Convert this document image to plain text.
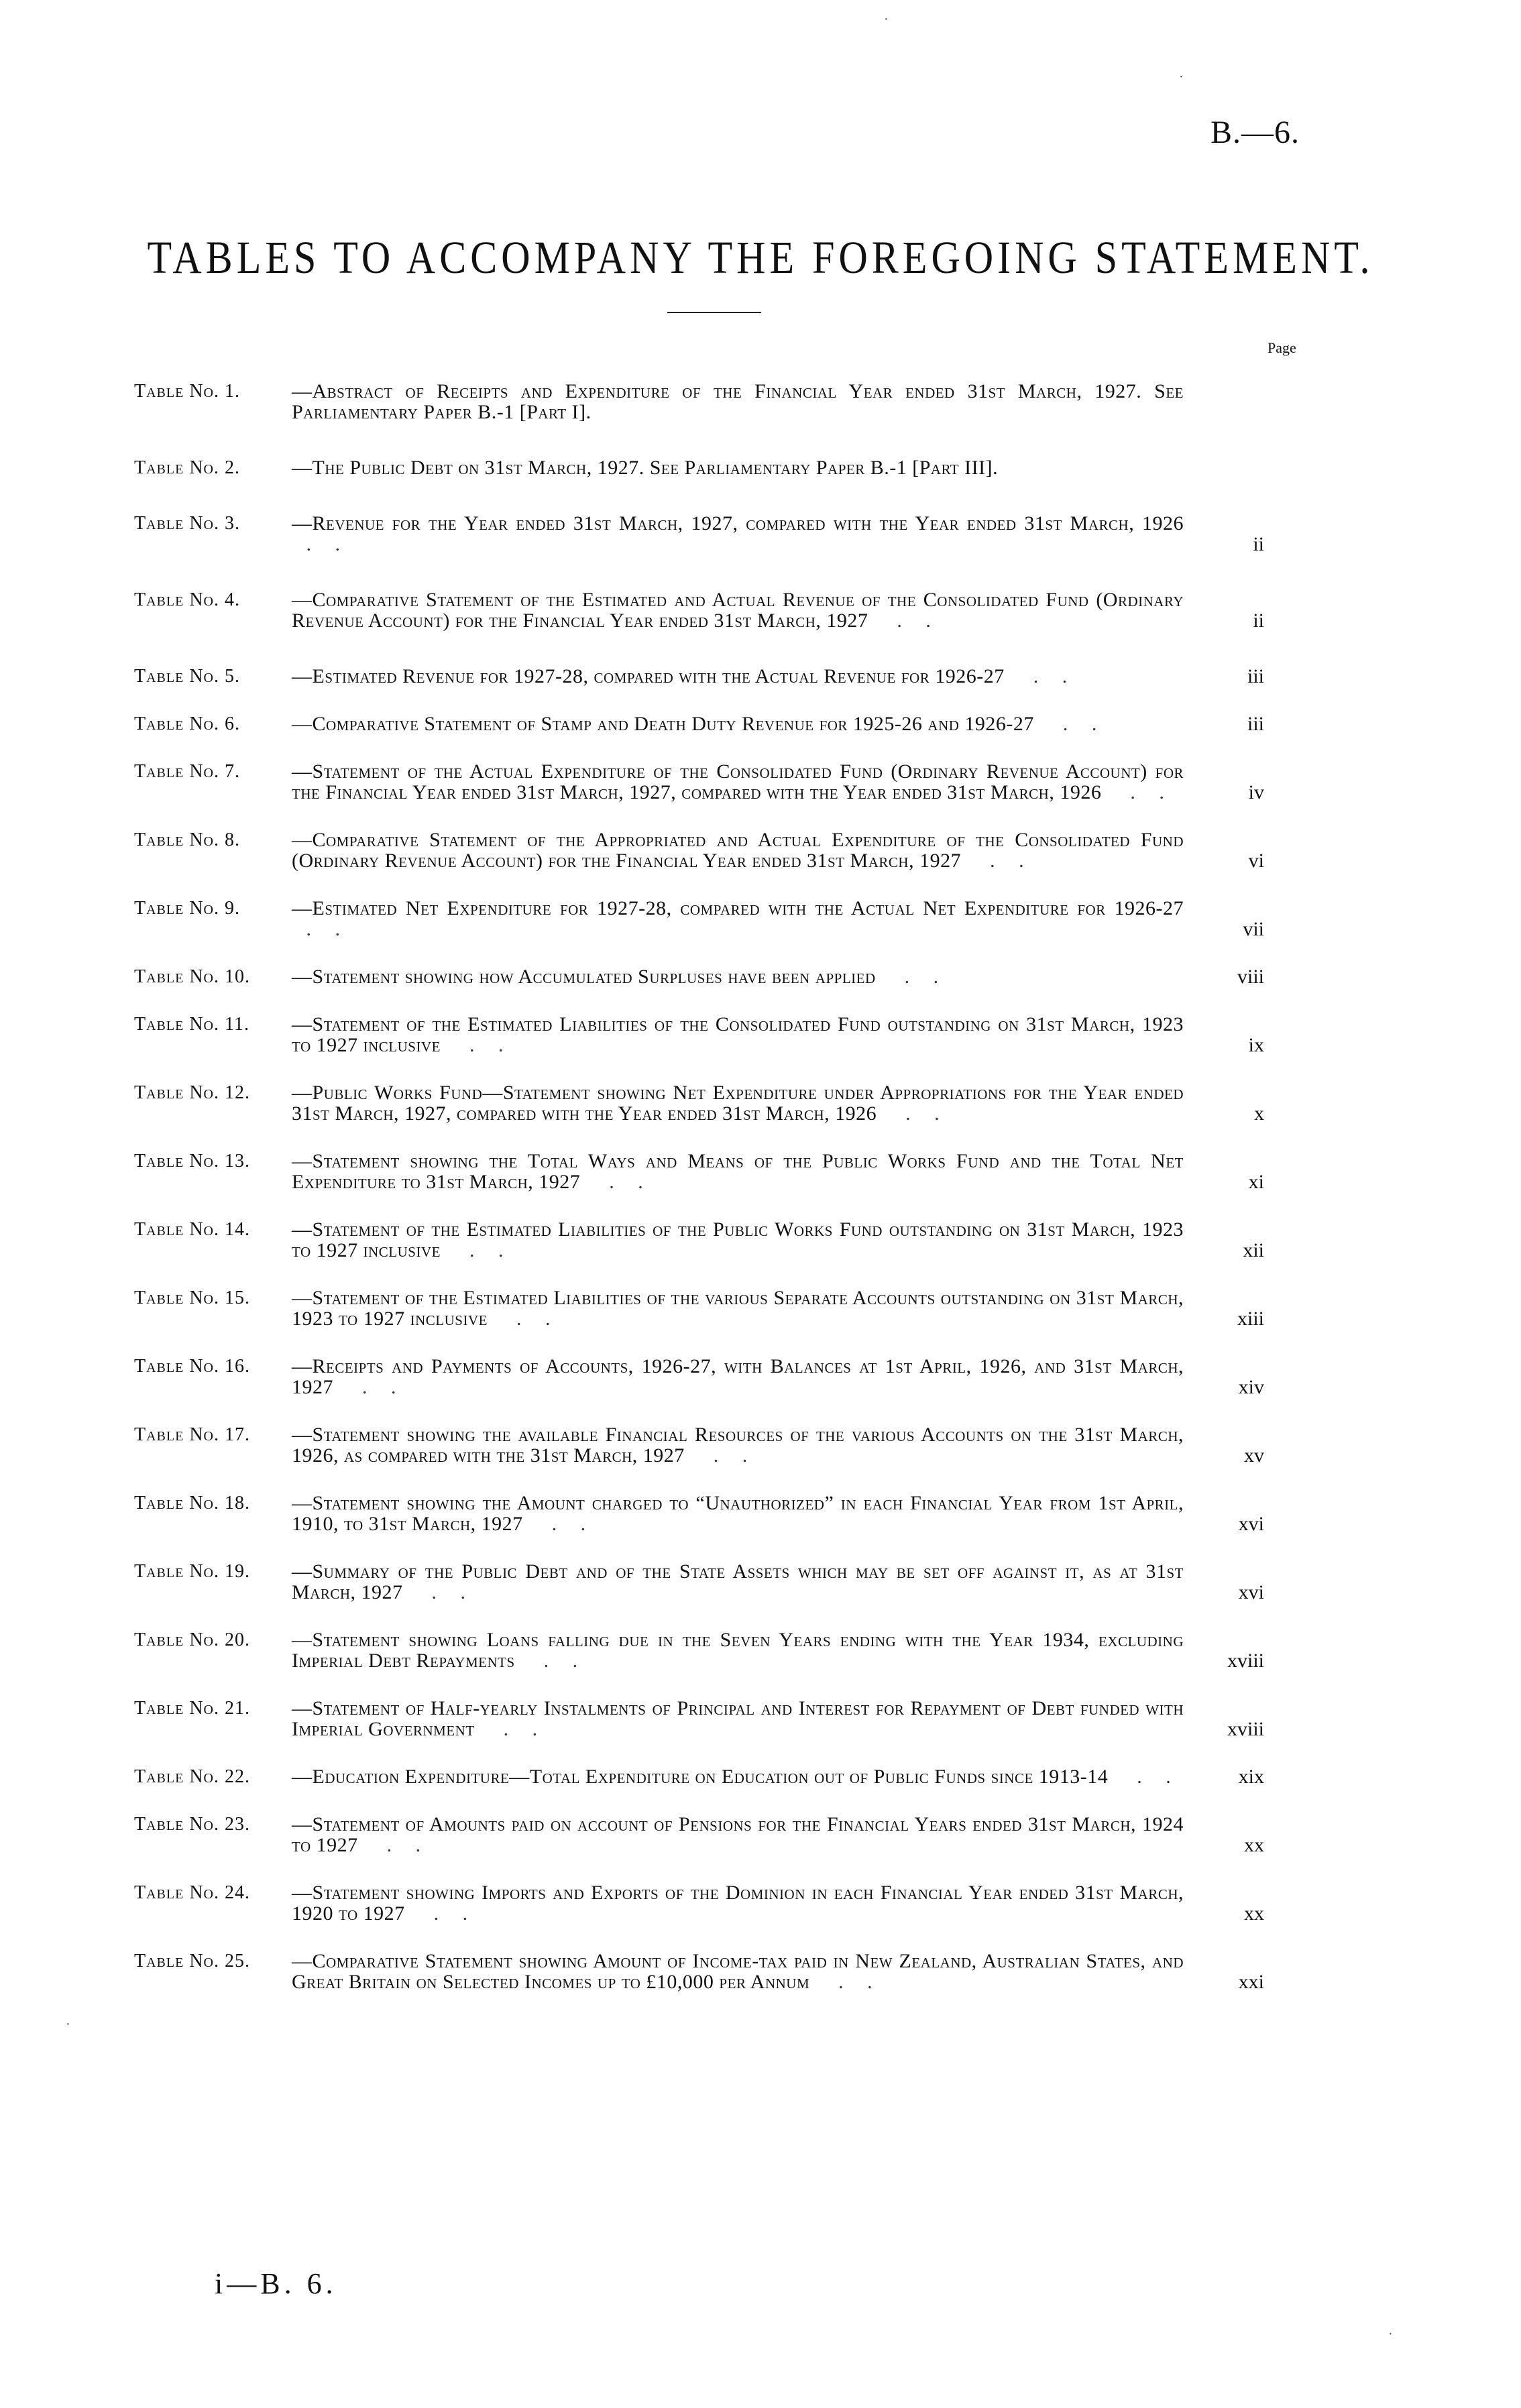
B.—6.
TABLES TO ACCOMPANY THE FOREGOING STATEMENT.
Page
Table No. 1.	—Abstract of Receipts and Expenditure of the Financial Year ended 31st March, 1927. See Parliamentary Paper B.-1 [Part I].
Table No. 2.	—The Public Debt on 31st March, 1927. See Parliamentary Paper B.-1 [Part III].
Table No. 3.	—Revenue for the Year ended 31st March, 1927, compared with the Year ended 31st March, 1926  . .	ii
Table No. 4.	—Comparative Statement of the Estimated and Actual Revenue of the Consolidated Fund (Ordinary Revenue Account) for the Financial Year ended 31st March, 1927  . .	ii
Table No. 5.	—Estimated Revenue for 1927-28, compared with the Actual Revenue for 1926-27  . .	iii
Table No. 6.	—Comparative Statement of Stamp and Death Duty Revenue for 1925-26 and 1926-27  . .	iii
Table No. 7.	—Statement of the Actual Expenditure of the Consolidated Fund (Ordinary Revenue Account) for the Financial Year ended 31st March, 1927, compared with the Year ended 31st March, 1926  . .	iv
Table No. 8.	—Comparative Statement of the Appropriated and Actual Expenditure of the Consolidated Fund (Ordinary Revenue Account) for the Financial Year ended 31st March, 1927  . .	vi
Table No. 9.	—Estimated Net Expenditure for 1927-28, compared with the Actual Net Expenditure for 1926-27  . .	vii
Table No. 10.	—Statement showing how Accumulated Surpluses have been applied  . .	viii
Table No. 11.	—Statement of the Estimated Liabilities of the Consolidated Fund outstanding on 31st March, 1923 to 1927 inclusive  . .	ix
Table No. 12.	—Public Works Fund—Statement showing Net Expenditure under Appropriations for the Year ended 31st March, 1927, compared with the Year ended 31st March, 1926  . .	x
Table No. 13.	—Statement showing the Total Ways and Means of the Public Works Fund and the Total Net Expenditure to 31st March, 1927  . .	xi
Table No. 14.	—Statement of the Estimated Liabilities of the Public Works Fund outstanding on 31st March, 1923 to 1927 inclusive  . .	xii
Table No. 15.	—Statement of the Estimated Liabilities of the various Separate Accounts outstanding on 31st March, 1923 to 1927 inclusive  . .	xiii
Table No. 16.	—Receipts and Payments of Accounts, 1926-27, with Balances at 1st April, 1926, and 31st March, 1927  . .	xiv
Table No. 17.	—Statement showing the available Financial Resources of the various Accounts on the 31st March, 1926, as compared with the 31st March, 1927  . .	xv
Table No. 18.	—Statement showing the Amount charged to “Unauthorized” in each Financial Year from 1st April, 1910, to 31st March, 1927  . .	xvi
Table No. 19.	—Summary of the Public Debt and of the State Assets which may be set off against it, as at 31st March, 1927  . .	xvi
Table No. 20.	—Statement showing Loans falling due in the Seven Years ending with the Year 1934, excluding Imperial Debt Repayments  . .	xviii
Table No. 21.	—Statement of Half-yearly Instalments of Principal and Interest for Repayment of Debt funded with Imperial Government  . .	xviii
Table No. 22.	—Education Expenditure—Total Expenditure on Education out of Public Funds since 1913-14  . .	xix
Table No. 23.	—Statement of Amounts paid on account of Pensions for the Financial Years ended 31st March, 1924 to 1927  . .	xx
Table No. 24.	—Statement showing Imports and Exports of the Dominion in each Financial Year ended 31st March, 1920 to 1927  . .	xx
Table No. 25.	—Comparative Statement showing Amount of Income-tax paid in New Zealand, Australian States, and Great Britain on Selected Incomes up to £10,000 per Annum  . .	xxi
i—B. 6.
·
·
·
·
